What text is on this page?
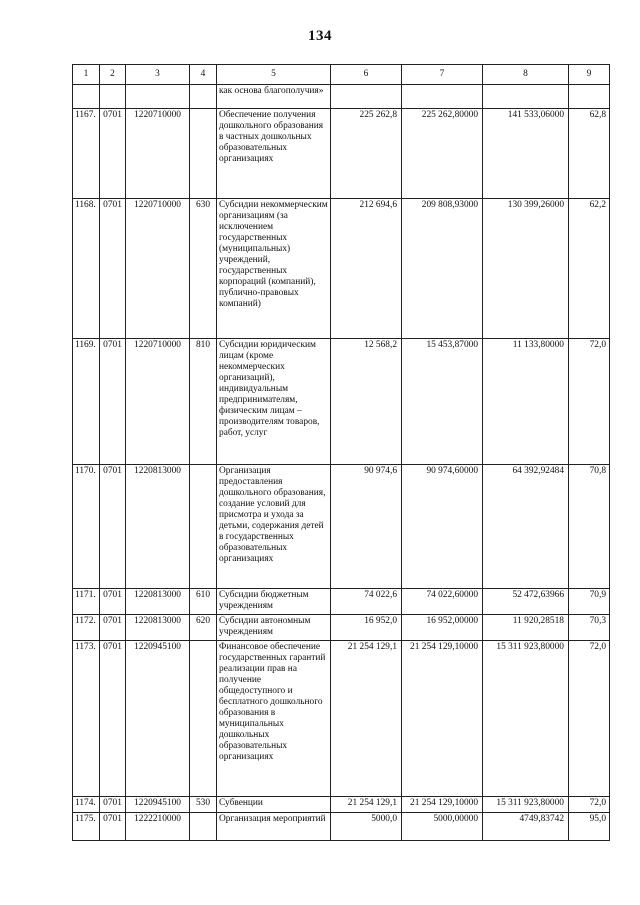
134
1	2	3	4	5	6	7	8	9
				как основа благополучия»				
1167.	0701	1220710000		Обеспечение получения дошкольного образования в частных дошкольных образовательных организациях	225 262,8	225 262,80000	141 533,06000	62,8
1168.	0701	1220710000	630	Субсидии некоммерческим организациям (за исключением государственных (муниципальных) учреждений, государственных корпораций (компаний), публично-правовых компаний)	212 694,6	209 808,93000	130 399,26000	62,2
1169.	0701	1220710000	810	Субсидии юридическим лицам (кроме некоммерческих организаций), индивидуальным предпринимателям, физическим лицам – производителям товаров, работ, услуг	12 568,2	15 453,87000	11 133,80000	72,0
1170.	0701	1220813000		Организация предоставления дошкольного образования, создание условий для присмотра и ухода за детьми, содержания детей в государственных образовательных организациях	90 974,6	90 974,60000	64 392,92484	70,8
1171.	0701	1220813000	610	Субсидии бюджетным учреждениям	74 022,6	74 022,60000	52 472,63966	70,9
1172.	0701	1220813000	620	Субсидии автономным учреждениям	16 952,0	16 952,00000	11 920,28518	70,3
1173.	0701	1220945100		Финансовое обеспечение государственных гарантий реализации прав на получение общедоступного и бесплатного дошкольного образования в муниципальных дошкольных образовательных организациях	21 254 129,1	21 254 129,10000	15 311 923,80000	72,0
1174.	0701	1220945100	530	Субвенции	21 254 129,1	21 254 129,10000	15 311 923,80000	72,0
1175.	0701	1222210000		Организация мероприятий	5000,0	5000,00000	4749,83742	95,0
